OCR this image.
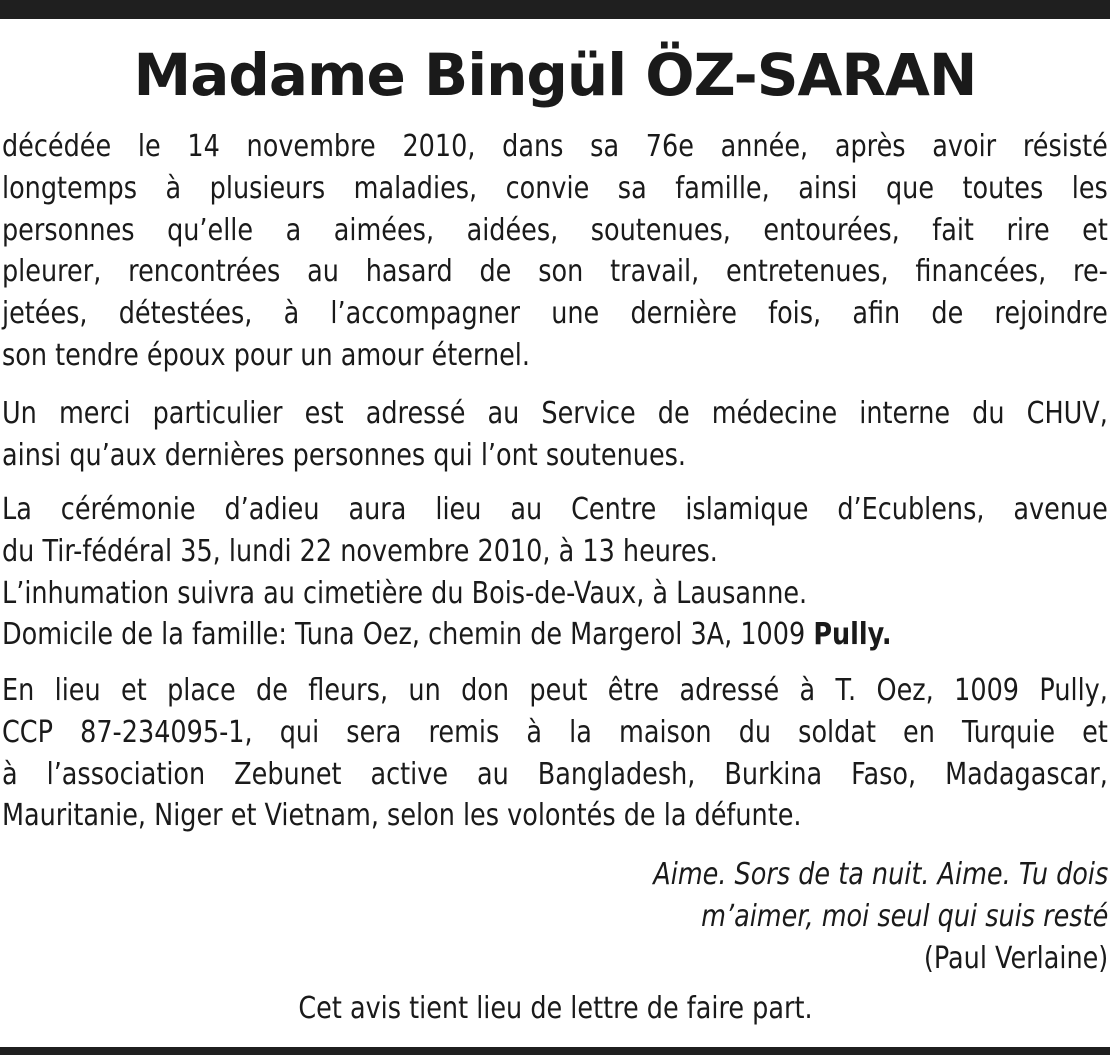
Madame Bingül ÖZ-SARAN
décédée le 14 novembre 2010, dans sa 76e année, après avoir résisté
longtemps à plusieurs maladies, convie sa famille, ainsi que toutes les
personnes qu’elle a aimées, aidées, soutenues, entourées, fait rire et
pleurer, rencontrées au hasard de son travail, entretenues, financées, re-
jetées, détestées, à l’accompagner une dernière fois, afin de rejoindre
son tendre époux pour un amour éternel.
Un merci particulier est adressé au Service de médecine interne du CHUV,
ainsi qu’aux dernières personnes qui l’ont soutenues.
La cérémonie d’adieu aura lieu au Centre islamique d’Ecublens, avenue
du Tir-fédéral 35, lundi 22 novembre 2010, à 13 heures.
L’inhumation suivra au cimetière du Bois-de-Vaux, à Lausanne.
Domicile de la famille: Tuna Oez, chemin de Margerol 3A, 1009 Pully.
En lieu et place de fleurs, un don peut être adressé à T. Oez, 1009 Pully,
CCP 87-234095-1, qui sera remis à la maison du soldat en Turquie et
à l’association Zebunet active au Bangladesh, Burkina Faso, Madagascar,
Mauritanie, Niger et Vietnam, selon les volontés de la défunte.
Aime. Sors de ta nuit. Aime. Tu dois
m’aimer, moi seul qui suis resté
(Paul Verlaine)
Cet avis tient lieu de lettre de faire part.
